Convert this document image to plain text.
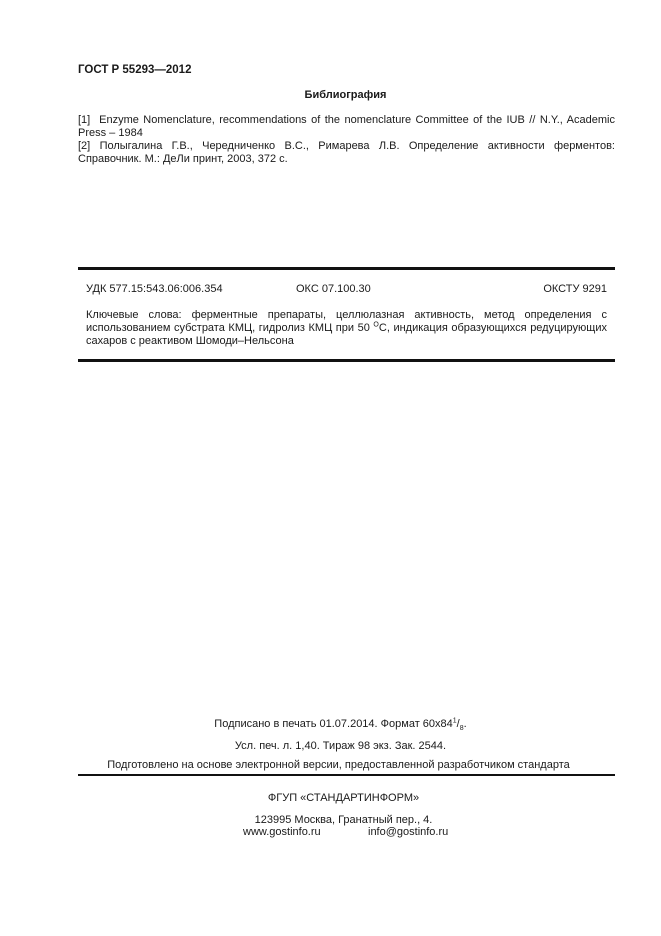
ГОСТ Р 55293—2012
Библиография
[1] Enzyme Nomenclature, recommendations of the nomenclature Committee of the IUB // N.Y., Academic Press – 1984
[2] Полыгалина Г.В., Чередниченко В.С., Римарева Л.В. Определение активности ферментов: Справочник. М.: ДеЛи принт, 2003, 372 с.
УДК 577.15:543.06:006.354	ОКС 07.100.30	ОКСТУ 9291
Ключевые слова: ферментные препараты, целлюлазная активность, метод определения с использованием субстрата КМЦ, гидролиз КМЦ при 50 $^О$С, индикация образующихся редуцирующих сахаров с реактивом Шомоди–Нельсона
Подписано в печать 01.07.2014. Формат $60х84^1/_8$.
Усл. печ. л. 1,40. Тираж 98 экз. Зак. 2544.
Подготовлено на основе электронной версии, предоставленной разработчиком стандарта
ФГУП «СТАНДАРТИНФОРМ»
123995 Москва, Гранатный пер., 4.
www.gostinfo.ru	info@gostinfo.ru
